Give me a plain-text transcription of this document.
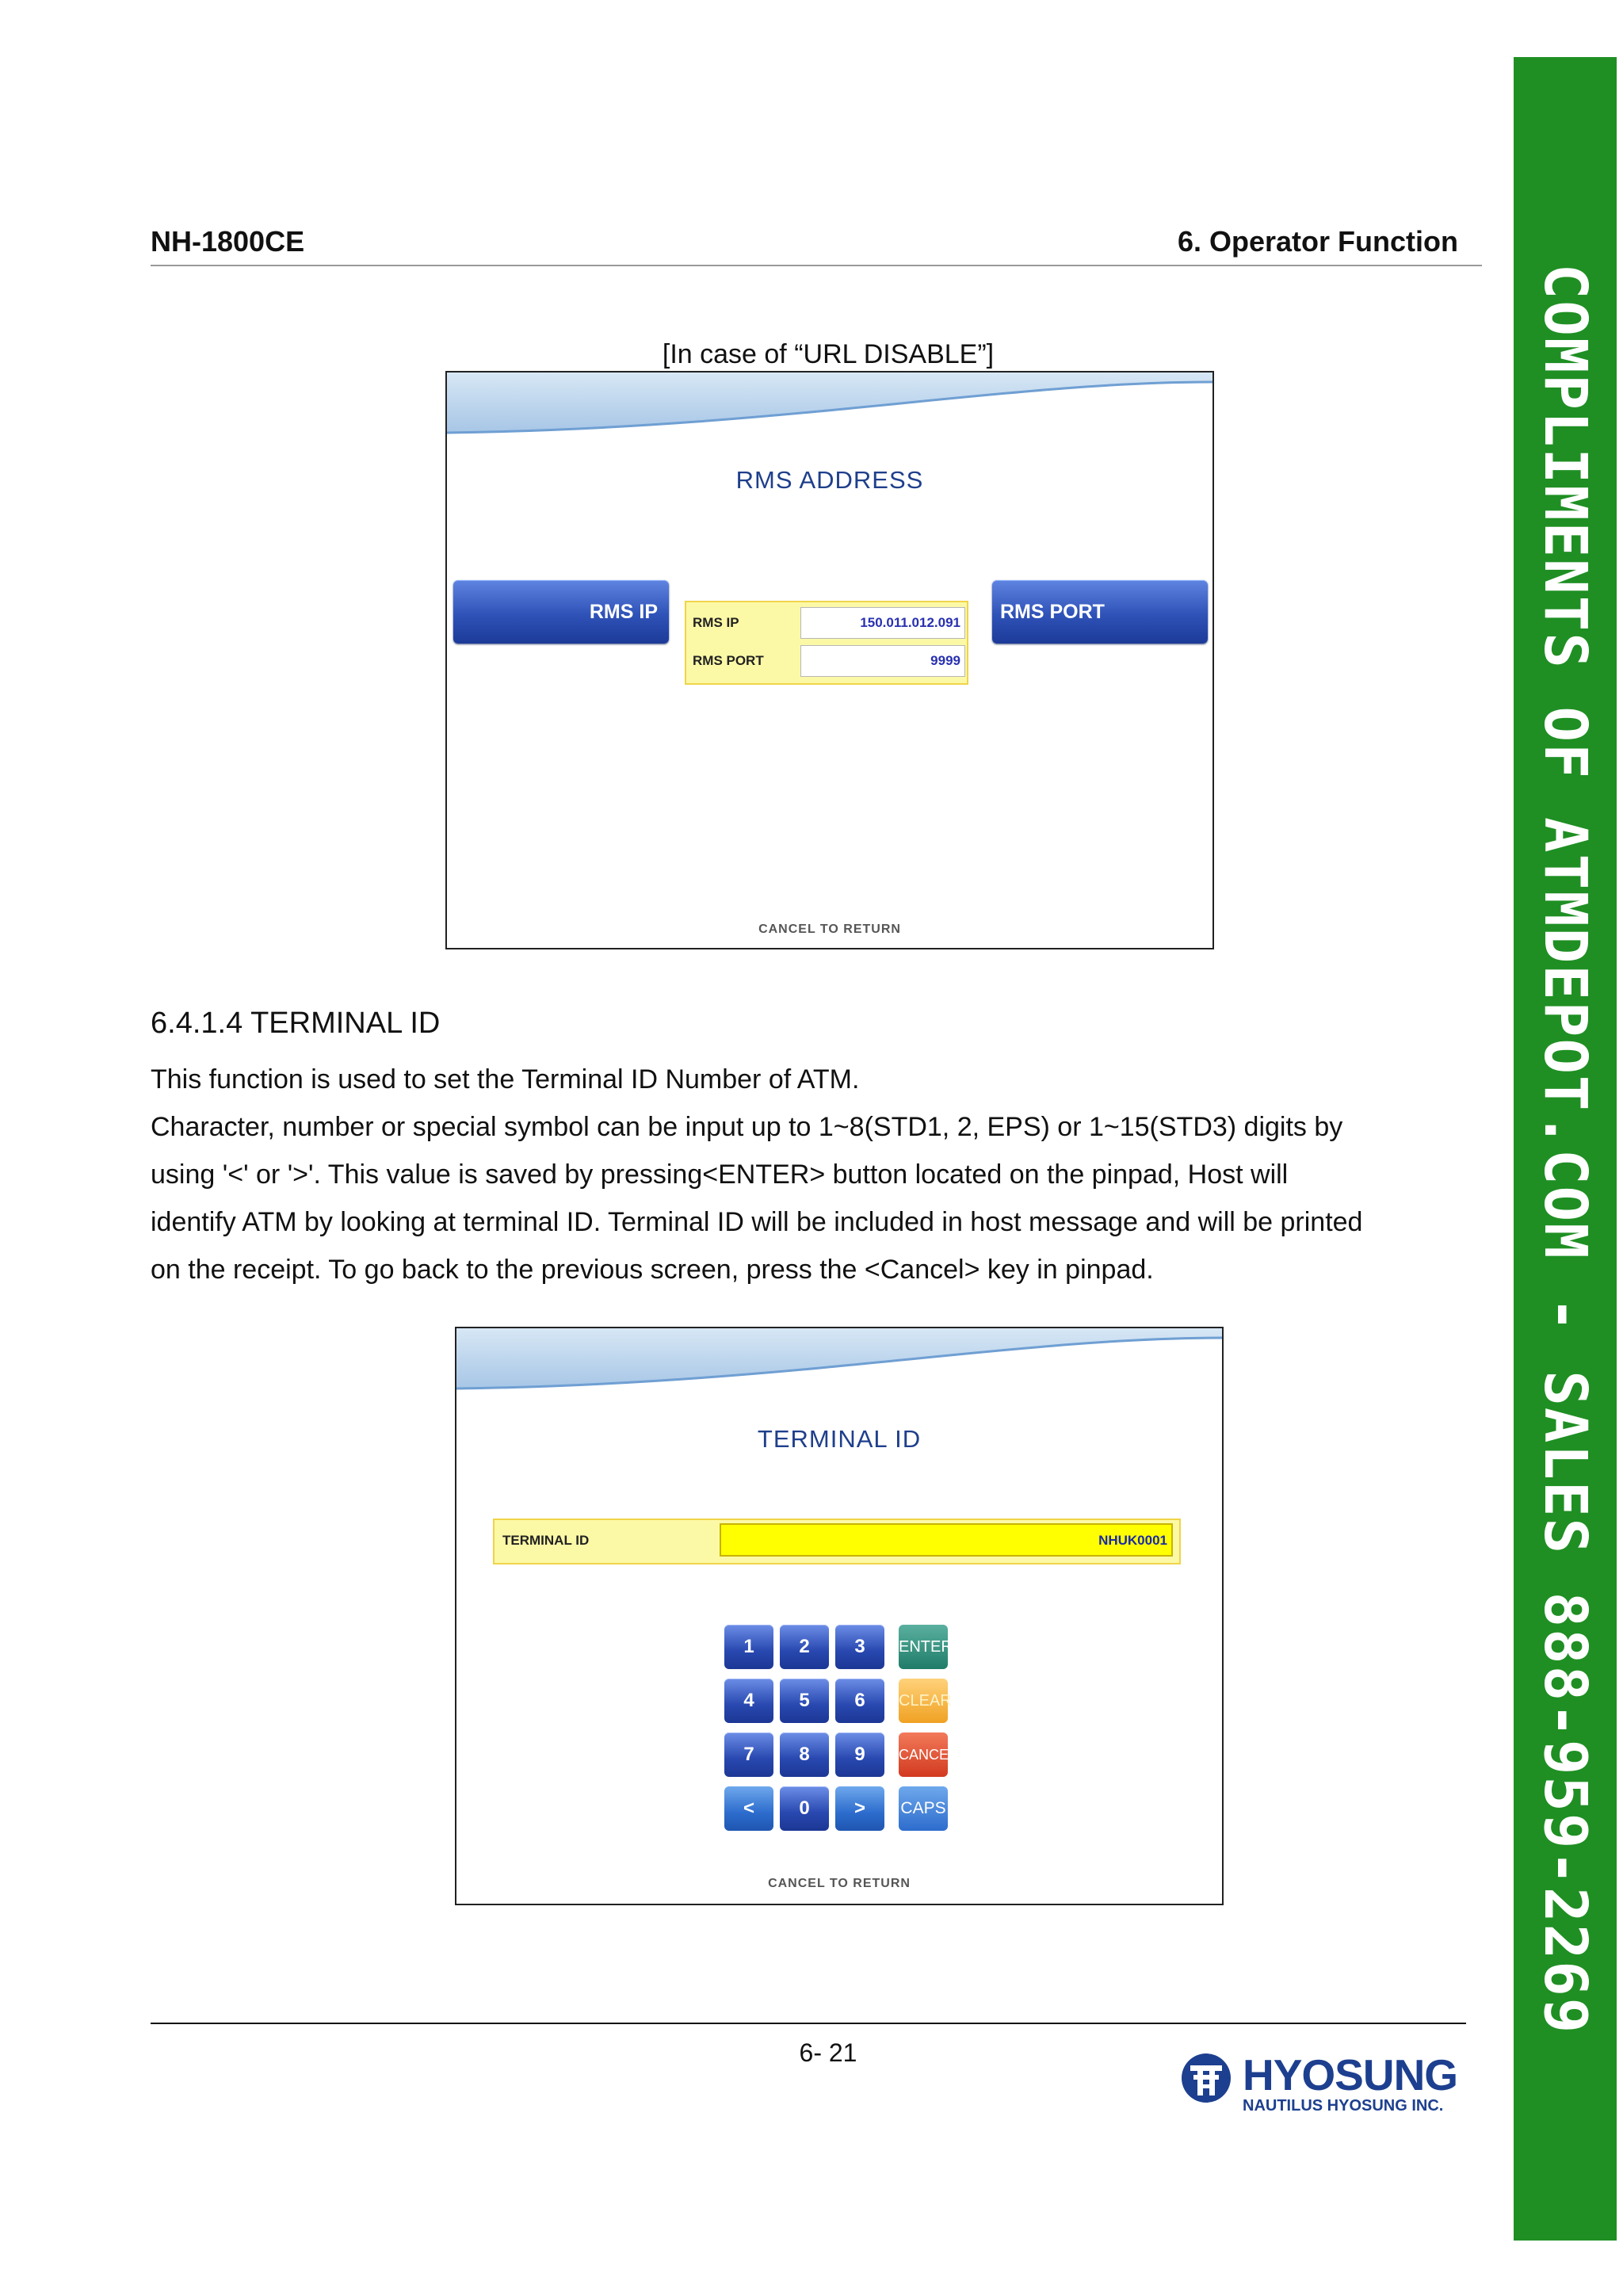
NH-1800CE	6. Operator Function
[In case of “URL DISABLE”]
RMS ADDRESS
RMS IP	RMS PORT
RMS IP	150.011.012.091
RMS PORT	9999
CANCEL TO RETURN
6.4.1.4 TERMINAL ID

This function is used to set the Terminal ID Number of ATM.

Character, number or special symbol can be input up to 1~8(STD1, 2, EPS) or 1~15(STD3) digits by

using '<' or '>'. This value is saved by pressing<ENTER> button located on the pinpad, Host will

identify ATM by looking at terminal ID. Terminal ID will be included in host message and will be printed

on the receipt. To go back to the previous screen, press the <Cancel> key in pinpad.

TERMINAL ID
TERMINAL ID	NHUK0001
1	2	3	ENTER
4	5	6	CLEAR
7	8	9	CANCEL
<	0	>	CAPS
CANCEL TO RETURN
6- 21	HYOSUNG
NAUTILUS HYOSUNG INC.
COMPLIMENTS OF ATMDEPOT.COM - SALES 888-959-2269
